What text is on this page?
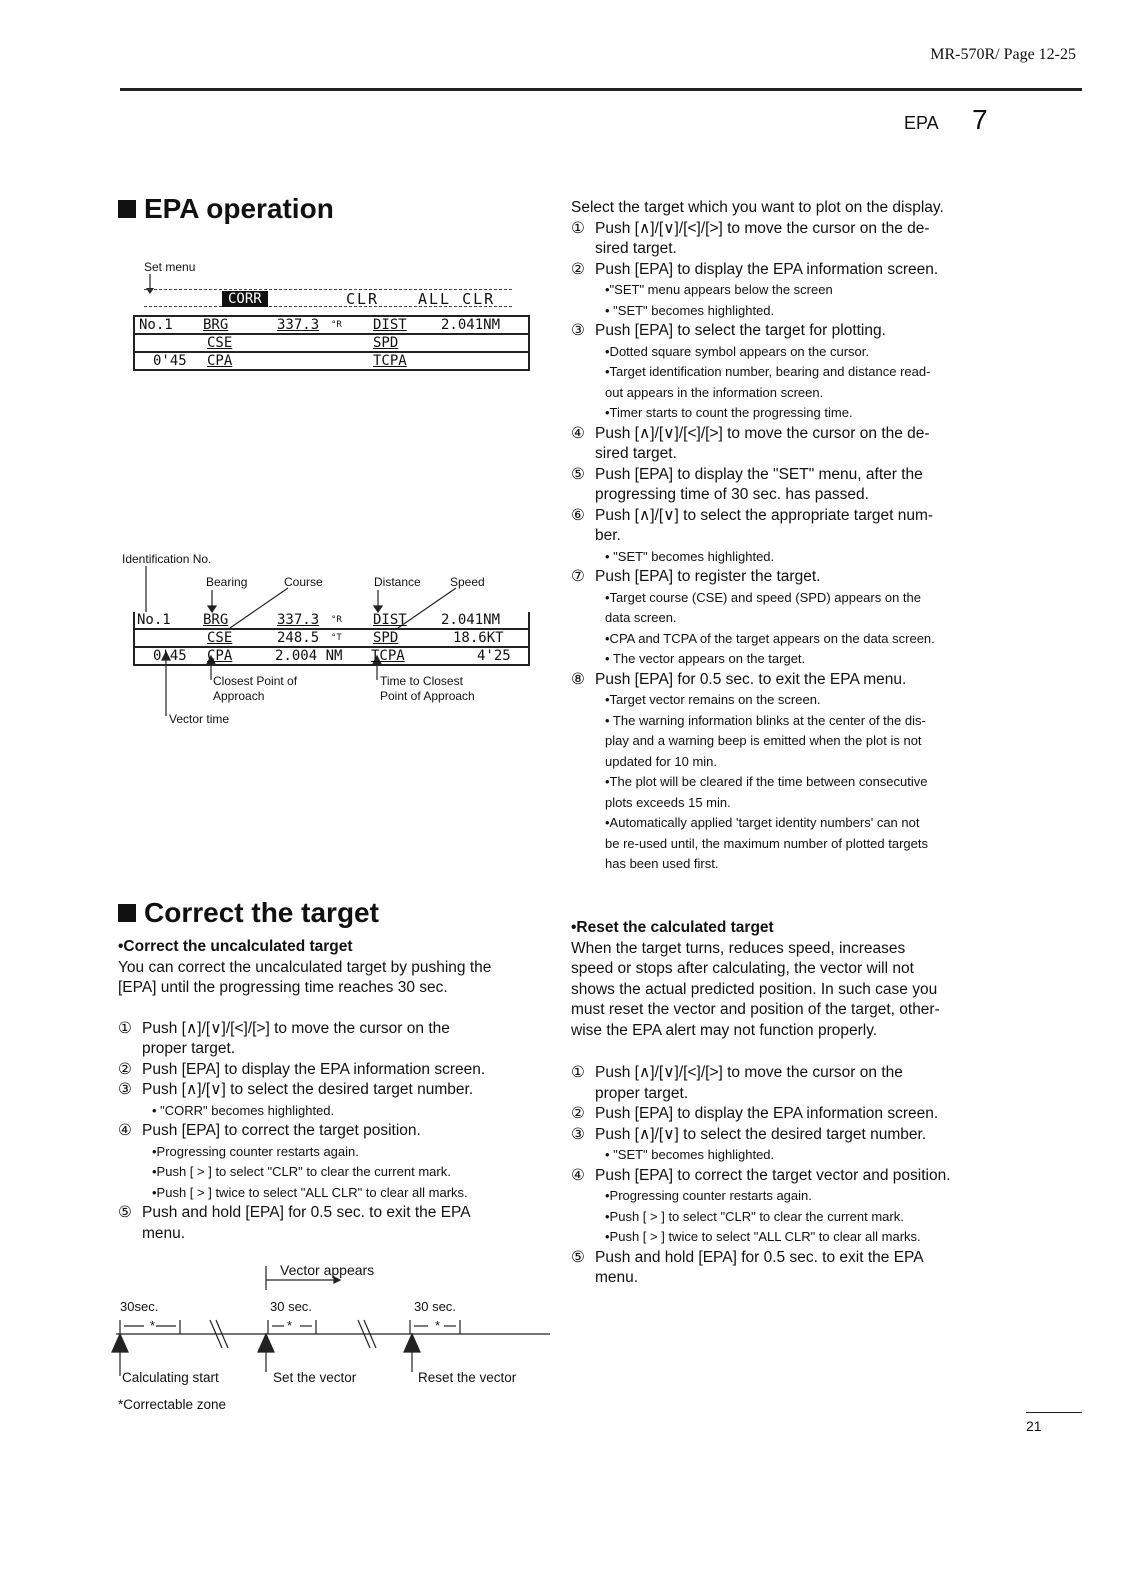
MR-570R/ Page 12-25
EPA 7
EPA operation
Set menu
CORR	CLR	ALL CLR
No.1 BRG	337.3 °R DIST 2.041NM
CSE	SPD
0'45 CPA	TCPA
Identification No.
Bearing	Course	Distance Speed
No.1 BRG	337.3 °R DIST 2.041NM
CSE	248.5 °T SPD	18.6KT
0'45 CPA	2.004 NM TCPA	4'25
Closest Point of
Approach
Time to Closest
Point of Approach
Vector time
Select the target which you want to plot on the display.
① Push [∧]/[∨]/[<]/[>] to move the cursor on the de-
sired target.
② Push [EPA] to display the EPA information screen.
•"SET" menu appears below the screen
• "SET" becomes highlighted.
③ Push [EPA] to select the target for plotting.
•Dotted square symbol appears on the cursor.
•Target identification number, bearing and distance read-
out appears in the information screen.
•Timer starts to count the progressing time.
④ Push [∧]/[∨]/[<]/[>] to move the cursor on the de-
sired target.
⑤ Push [EPA] to display the "SET" menu, after the
progressing time of 30 sec. has passed.
⑥ Push [∧]/[∨] to select the appropriate target num-
ber.
• "SET" becomes highlighted.
⑦ Push [EPA] to register the target.
•Target course (CSE) and speed (SPD) appears on the
data screen.
•CPA and TCPA of the target appears on the data screen.
• The vector appears on the target.
⑧ Push [EPA] for 0.5 sec. to exit the EPA menu.
•Target vector remains on the screen.
• The warning information blinks at the center of the dis-
play and a warning beep is emitted when the plot is not
updated for 10 min.
•The plot will be cleared if the time between consecutive
plots exceeds 15 min.
•Automatically applied 'target identity numbers' can not
be re-used until, the maximum number of plotted targets
has been used first.
Correct the target
•Correct the uncalculated target
You can correct the uncalculated target by pushing the
[EPA] until the progressing time reaches 30 sec.
① Push [∧]/[∨]/[<]/[>] to move the cursor on the
proper target.
② Push [EPA] to display the EPA information screen.
③ Push [∧]/[∨] to select the desired target number.
• "CORR" becomes highlighted.
④ Push [EPA] to correct the target position.
•Progressing counter restarts again.
•Push [ > ] to select "CLR" to clear the current mark.
•Push [ > ] twice to select "ALL CLR" to clear all marks.
⑤ Push and hold [EPA] for 0.5 sec. to exit the EPA
menu.
Vector appears
30sec.	30 sec.	30 sec.
*	*	*
Calculating start	Set the vector	Reset the vector
*Correctable zone
•Reset the calculated target
When the target turns, reduces speed, increases
speed or stops after calculating, the vector will not
shows the actual predicted position. In such case you
must reset the vector and position of the target, other-
wise the EPA alert may not function properly.
① Push [∧]/[∨]/[<]/[>] to move the cursor on the
proper target.
② Push [EPA] to display the EPA information screen.
③ Push [∧]/[∨] to select the desired target number.
• "SET" becomes highlighted.
④ Push [EPA] to correct the target vector and position.
•Progressing counter restarts again.
•Push [ > ] to select "CLR" to clear the current mark.
•Push [ > ] twice to select "ALL CLR" to clear all marks.
⑤ Push and hold [EPA] for 0.5 sec. to exit the EPA
menu.
21
